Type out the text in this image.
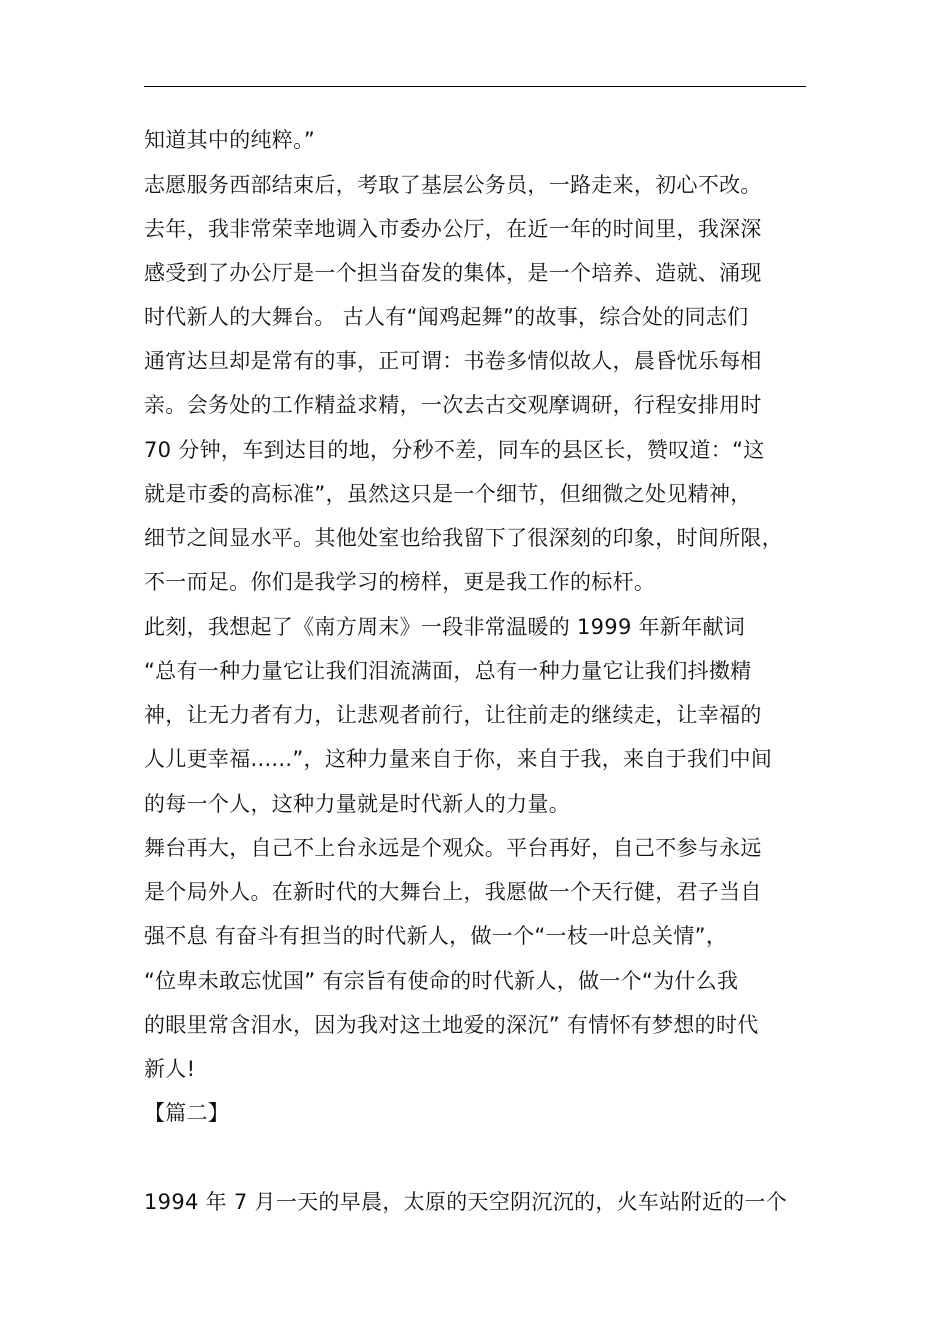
知道其中的纯粹。”
志愿服务西部结束后，考取了基层公务员，一路走来，初心不改。
去年，我非常荣幸地调入市委办公厅，在近一年的时间里，我深深
感受到了办公厅是一个担当奋发的集体，是一个培养、造就、涌现
时代新人的大舞台。 古人有“闻鸡起舞”的故事，综合处的同志们
通宵达旦却是常有的事，正可谓：书卷多情似故人，晨昏忧乐每相
亲。会务处的工作精益求精，一次去古交观摩调研，行程安排用时
70 分钟，车到达目的地，分秒不差，同车的县区长，赞叹道：“这
就是市委的高标准”，虽然这只是一个细节，但细微之处见精神，
细节之间显水平。其他处室也给我留下了很深刻的印象，时间所限，
不一而足。你们是我学习的榜样，更是我工作的标杆。
此刻，我想起了《南方周末》一段非常温暖的 1999 年新年献词
“总有一种力量它让我们泪流满面，总有一种力量它让我们抖擞精
神，让无力者有力，让悲观者前行，让往前走的继续走，让幸福的
人儿更幸福......”，这种力量来自于你，来自于我，来自于我们中间
的每一个人，这种力量就是时代新人的力量。
舞台再大，自己不上台永远是个观众。平台再好，自己不参与永远
是个局外人。在新时代的大舞台上，我愿做一个天行健，君子当自
强不息 有奋斗有担当的时代新人，做一个“一枝一叶总关情”，
“位卑未敢忘忧国” 有宗旨有使命的时代新人，做一个“为什么我
的眼里常含泪水，因为我对这土地爱的深沉” 有情怀有梦想的时代
新人!
【篇二】
1994 年 7 月一天的早晨，太原的天空阴沉沉的，火车站附近的一个
